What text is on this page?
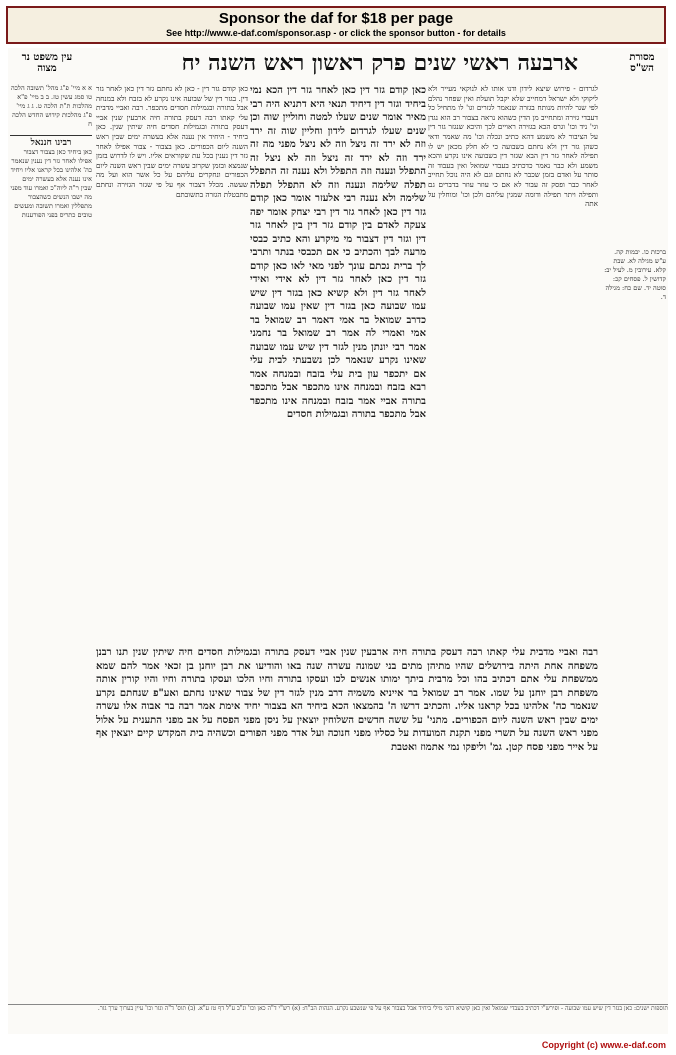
Sponsor the daf for $18 per page
See http://www.e-daf.com/sponsor.asp - or click the sponsor button - for details
מסורת הש"ס
ארבעה ראשי שנים פרק ראשון ראש השנה יח
עין משפט נר מצוה
לגרדום - פירוש שיצא לידון ודנו אותו לא לנוקאי מעייר ולא ליקוקי ולא ישראל דמחייב שלא יקבל תועלת ואין שפחר נהלם לפי שנר להיות מנותח בגזרה שנאמר לגזרים וגו' לו מתחיל כל דעבדי גזירה ומתחייב מן הדין כשהוא נראה בצבור רב הוא נגדן וגי' ניד וכו' וגרס הכא בגזירה ראויים לכך והיכא שנגזר גזר דין על הציבור לא משמע דהא כתיב ונכלה וכו' מה שאמר ודאי כשהן גזר דין ולא נחתם בשבועה כי לא חלק מכאן יש לו תפילה לאחר גזר דין הבא שגזר דין בשבועה אינו נקרע והכא משמע ולא כבר נאמר כדכתיב בעבדי שמואל ואין בעבוד זה סותר על ואדם בזמן שכבר לא נחתם וגם לא היה נוכל תחייב לאחר כבר ופסק זה עבור לא אם כי עוזר עוזר בדברים גם ותפילה ויתר תפילה ודומה שמגין עליהם ולכן וכו' ומוחלין על אתה
כאן קודם גזר דין כאן לאחר גזר דין הכא נמי ביחיד וגזר דין דיחיד תנאי היא דתניא היה רבי מאיר אומר שנים שעלו למטה וחוליין שוה וכן שנים שעלו לגרדום לידון וחליין שוה זה ירד וזה לא ירד זה ניצל וזה לא ניצל מפני מה זה ירד וזה לא ירד זה ניצל וזה לא ניצל זה התפלל ונענה וזה התפלל ולא נענה זה התפלל תפלה שלימה ונענה וזה לא התפלל תפלה שלימה ולא נענה רבי אלעזר אומר כאן קודם גזר דין כאן לאחר גזר דין רבי יצחק אומר יפה צעקה לאדם בין קודם גזר דין בין לאחר גזר דין וגזר דין דצבור מי מיקרע והא כתיב כבסי מרעה לבך והכתיב כי אם תכבסי בנתר ותרבי לך ברית נכתם עונך לפני מאי לאו כאן קודם גזר דין כאן לאחר גזר דין לא אידי ואידי לאחר גזר דין ולא קשיא כאן בגזר דין שיש עמו שבועה כאן בגזר דין שאין עמו שבועה כדרב שמואל בר אמי דאמר רב שמואל בר אמי ואמרי לה אמר רב שמואל בר נחמני אמר רבי יונתן מנין לגזר דין שיש עמו שבועה שאינו נקרע שנאמר לכן נשבעתי לבית עלי אם יתכפר עון בית עלי בזבח ובמנחה אמר רבא בזבח ובמנחה אינו מתכפר אבל מתכפר בתורה אביי אמר בזבח ובמנחה אינו מתכפר אבל מתכפר בתורה ובגמילות חסדים
כאן קודם גזר דין - כאן לא נחתם גזר דין כאן לאחר גזר דין. בגזר דין של שבועה אינו נקרע לא בזבח ולא במנחה אבל בתורה ובגמילות חסדים מתכפר. רבה ואביי מדבית עלי קאתו רבה דעסק בתורה חיה ארבעין שנין אביי דעסק בתורה ובגמילות חסדים חיה שיתין שנין. כאן ביחיד - היחיד אין נענה אלא בעשרה ימים שבין ראש השנה ליום הכפורים. כאן בצבור - צבור אפילו לאחר גזר דין נענין בכל עת שקוראים אליו. ויש לו לדרוש בזמן שנמצא ובזמן שקרוב עשרה ימים שבין ראש השנה ליום הכפורים ונחקרים עליהם על כל אשר הוא ועל מה שעשה. מכלל דצבור אף על פי שגזר הגזירה ונחתם מתבטלת הגזרה בתשובתם
רבה ואביי מדבית עלי קאתו רבה דעסק בתורה חיה ארבעין שנין אביי דעסק בתורה ובגמילות חסדים חיה שיתין שנין תנו רבנן משפחה אחת היתה בירושלים שהיו מתיהן מתים בני שמונה עשרה שנה באו והודיעו את רבן יוחנן בן זכאי אמר להם שמא ממשפחת עלי אתם דכתיב בהו וכל מרבית ביתך ימותו אנשים לכו ועסקו בתורה וחיו הלכו ועסקו בתורה וחיו והיו קורין אותה משפחת רבן יוחנן על שמו. אמר רב שמואל בר אייניא משמיה דרב מנין לגזר דין של צבור שאינו נחתם ואע"פ שנחתם נקרע שנאמר כה' אלהינו בכל קראנו אליו. והכתיב דרשו ה' בהמצאו הכא ביחיד הא בצבור יחיד אימת אמר רבה בר אבוה אלו עשרה ימים שבין ראש השנה ליום הכפורים. מתני' על ששה חדשים השלוחין יוצאין על ניסן מפני הפסח על אב מפני התענית על אלול מפני ראש השנה על תשרי מפני תקנת המועדות על כסליו מפני חנוכה ועל אדר מפני הפורים וכשהיה בית המקדש קיים יוצאין אף על אייר מפני פסח קטן. גמ' וליפקו נמי אתמוז ואטבת
ברכות כו. יבמות קה. ע"ש מגילה לא. שבת קלא. עירובין מ. לעיל יב: קדושין ל. פסחים קכ: סוטה יד. שם כח: מגילה ד.
א א מיי' פ"ג מהל' תשובה הלכה טו סמג עשין טז. ב ב מיי' פ"א מהלכות ת"ת הלכה ט. ג ג מיי' פ"ג מהלכות קידוש החדש הלכה ח
רבינו חננאל
כאן ביחיד כאן בצבור דצבור אפילו לאחר גזר דין נענין שנאמר כה' אלהינו בכל קראנו אליו ויחיד אינו נענה אלא בעשרה ימים שבין ר"ה ליוה"כ ואמרו עוד מפני מה ישבו הנשים כשהצבור מתפללין ואמרו תשובה ומעשים טובים כתריס בפני הפורענות
תוספות ישנים: כאן בגזר דין שיש עמו שבועה - ופירש"י דכתיב בעבדי שמואל ואין כאן קושיא דהני מילי ביחיד אבל בצבור אף על פי שנשבע נקרע. הגהות הב"ח: (א) רש"י ד"ה כאן וכו' ונ"ב ע"ל דף טז ע"א. (ב) תוס' ד"ה וגזר וכו' עיין בערוך ערך גזר.
Copyright (c) www.e-daf.com
